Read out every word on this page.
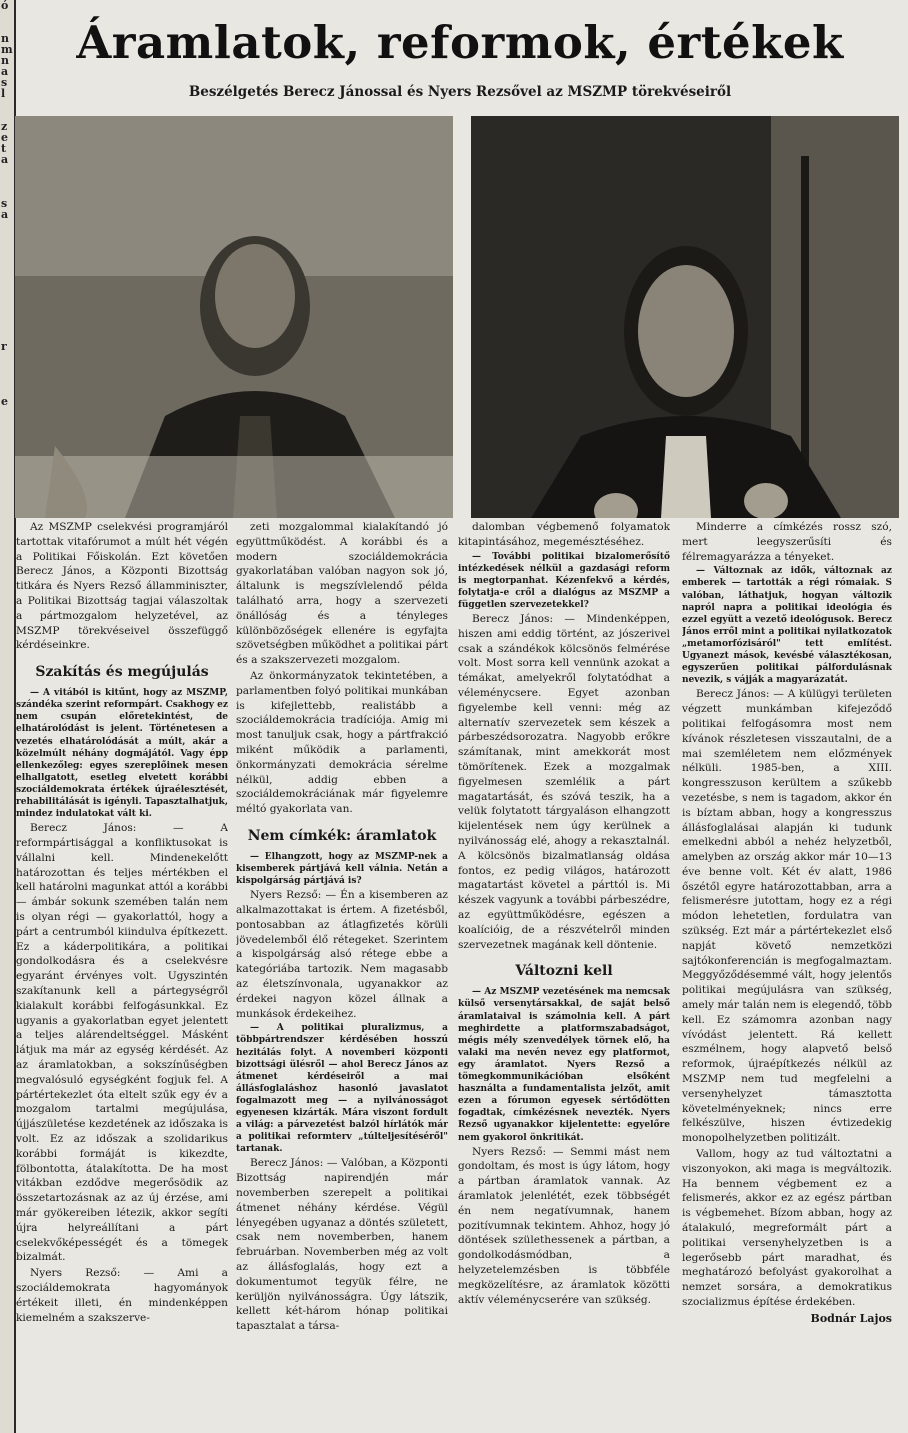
ó

n
m
n
a
s
l

z
e
t
a

s
a

r

e

Áramlatok, reformok, értékek
Beszélgetés Berecz Jánossal és Nyers Rezsővel az MSZMP törekvéseiről

Az MSZMP cselekvési programjáról tartottak vitafórumot a múlt hét végén a Politikai Főiskolán. Ezt követően Berecz János, a Központi Bizottság titkára és Nyers Rezső államminiszter, a Politikai Bizottság tagjai válaszoltak a pártmozgalom helyzetével, az MSZMP törekvéseivel összefüggő kérdéseinkre.

Szakítás és megújulás

— A vitából is kitűnt, hogy az MSZMP, szándéka szerint reformpárt. Csakhogy ez nem csupán előretekintést, de elhatárolódást is jelent. Történetesen a vezetés elhatárolódását a múlt, akár a közelmúlt néhány dogmájától. Vagy épp ellenkezőleg: egyes szereplőinek mesen elhallgatott, esetleg elvetett korábbi szociáldemokrata értékek újraélesztését, rehabilitálását is igényli. Tapasztalhatjuk, mindez indulatokat vált ki.

Berecz János: — A reformpártisággal a konfliktusokat is vállalni kell. Mindenekelőtt határozottan és teljes mértékben el kell határolni magunkat attól a korábbi — ámbár sokunk szemében talán nem is olyan régi — gyakorlattól, hogy a párt a centrumból kiindulva építkezett. Ez a káderpolitikára, a politikai gondolkodásra és a cselekvésre egyaránt érvényes volt. Ugyszintén szakítanunk kell a pártegységről kialakult korábbi felfogásunkkal. Ez ugyanis a gyakorlatban egyet jelentett a teljes alárendeltséggel. Másként látjuk ma már az egység kérdését. Az az áramlatokban, a sokszínűségben megvalósuló egységként fogjuk fel. A pártértekezlet óta eltelt szűk egy év a mozgalom tartalmi megújulása, újjászületése kezdetének az időszaka is volt. Ez az időszak a szolidarikus korábbi formáját is kikezdte, fölbontotta, átalakította. De ha most vitákban ezdődve megerősödik az összetartozásnak az az új érzése, ami már gyökereiben létezik, akkor segíti újra helyreállítani a párt cselekvőképességét és a tömegek bizalmát.

Nyers Rezső: — Ami a szociáldemokrata hagyományok értékeit illeti, én mindenképpen kiemelném a szakszerve-

zeti mozgalommal kialakítandó jó együttműködést. A korábbi és a modern szociáldemokrácia gyakorlatában valóban nagyon sok jó, általunk is megszívlelendő példa található arra, hogy a szervezeti önállóság és a tényleges különbözőségek ellenére is egyfajta szövetségben működhet a politikai párt és a szakszervezeti mozgalom.

Az önkormányzatok tekintetében, a parlamentben folyó politikai munkában is kifejlettebb, realistább a szociáldemokrácia tradíciója. Amig mi most tanuljuk csak, hogy a pártfrakció miként működik a parlamenti, önkormányzati demokrácia sérelme nélkül, addig ebben a szociáldemokráciának már figyelemre méltó gyakorlata van.

Nem címkék: áramlatok

— Elhangzott, hogy az MSZMP-nek a kisemberek pártjává kell válnia. Netán a kispolgárság pártjává is?

Nyers Rezső: — Én a kisemberen az alkalmazottakat is értem. A fizetésből, pontosabban az átlagfizetés körüli jövedelemből élő rétegeket. Szerintem a kispolgárság alsó rétege ebbe a kategóriába tartozik. Nem magasabb az életszínvonala, ugyanakkor az érdekei nagyon közel állnak a munkások érdekeihez.

— A politikai pluralizmus, a többpártrendszer kérdésében hosszú hezitálás folyt. A novemberi központi bizottsági ülésről — ahol Berecz János az átmenet kérdéseiről a mai állásfoglaláshoz hasonló javaslatot fogalmazott meg — a nyilvánosságot egyenesen kizárták. Mára viszont fordult a világ: a párvezetést balzól hírlátók már a politikai reformterv „túlteljesítéséről" tartanak.

Berecz János: — Valóban, a Központi Bizottság napirendjén már novemberben szerepelt a politikai átmenet néhány kérdése. Végül lényegében ugyanaz a döntés született, csak nem novemberben, hanem februárban. Novemberben még az volt az állásfoglalás, hogy ezt a dokumentumot tegyük félre, ne kerüljön nyilvánosságra. Úgy látszik, kellett két-három hónap politikai tapasztalat a társa-

dalomban végbemenő folyamatok kitapintásához, megemésztéséhez.

— További politikai bizalomerősítő intézkedések nélkül a gazdasági reform is megtorpanhat. Kézenfekvő a kérdés, folytatja-e cről a dialógus az MSZMP a független szervezetekkel?

Berecz János: — Mindenképpen, hiszen ami eddig történt, az jószerivel csak a szándékok kölcsönös felmérése volt. Most sorra kell vennünk azokat a témákat, amelyekről folytatódhat a véleménycsere. Egyet azonban figyelembe kell venni: még az alternatív szervezetek sem készek a párbeszédsorozatra. Nagyobb erőkre számítanak, mint amekkorát most tömörítenek. Ezek a mozgalmak figyelmesen szemlélik a párt magatartását, és szóvá teszik, ha a velük folytatott tárgyaláson elhangzott kijelentések nem úgy kerülnek a nyilvánosság elé, ahogy a rekasztalnál. A kölcsönös bizalmatlanság oldása fontos, ez pedig világos, határozott magatartást követel a párttól is. Mi készek vagyunk a további párbeszédre, az együttműködésre, egészen a koalícióig, de a részvételről minden szervezetnek magának kell döntenie.

Változni kell

— Az MSZMP vezetésének ma nemcsak külső versenytársakkal, de saját belső áramlataival is számolnia kell. A párt meghirdette a platformszabadságot, mégis mély szenvedélyek törnek elő, ha valaki ma nevén nevez egy platformot, egy áramlatot. Nyers Rezső a tömegkommunikációban elsőként használta a fundamentalista jelzőt, amit ezen a fórumon egyesek sértődötten fogadtak, címkézésnek nevezték. Nyers Rezső ugyanakkor kijelentette: egyelőre nem gyakorol önkritikát.

Nyers Rezső: — Semmi mást nem gondoltam, és most is úgy látom, hogy a pártban áramlatok vannak. Az áramlatok jelenlétét, ezek többségét én nem negatívumnak, hanem pozitívumnak tekintem. Ahhoz, hogy jó döntések születhessenek a pártban, a gondolkodásmódban, a helyzetelemzésben is többféle megközelítésre, az áramlatok közötti aktív véleménycserére van szükség.

Minderre a címkézés rossz szó, mert leegyszerűsíti és félremagyarázza a tényeket.

— Változnak az idők, változnak az emberek — tartották a régi rómaiak. S valóban, láthatjuk, hogyan változik napról napra a politikai ideológia és ezzel együtt a vezető ideológusok. Berecz János erről mint a politikai nyilatkozatok „metamorfózisáról" tett említést. Ugyanezt mások, kevésbé választékosan, egyszerűen politikai pálfordulásnak nevezik, s vájják a magyarázatát.

Berecz János: — A külügyi területen végzett munkámban kifejeződő politikai felfogásomra most nem kívánok részletesen visszautalni, de a mai szemléletem nem előzmények nélküli. 1985-ben, a XIII. kongresszuson kerültem a szűkebb vezetésbe, s nem is tagadom, akkor én is bíztam abban, hogy a kongresszus állásfoglalásai alapján ki tudunk emelkedni abból a nehéz helyzetből, amelyben az ország akkor már 10—13 éve benne volt. Két év alatt, 1986 őszétől egyre határozottabban, arra a felismerésre jutottam, hogy ez a régi módon lehetetlen, fordulatra van szükség. Ezt már a pártértekezlet első napját követő nemzetközi sajtókonferencián is megfogalmaztam. Meggyőződésemmé vált, hogy jelentős politikai megújulásra van szükség, amely már talán nem is elegendő, több kell. Ez számomra azonban nagy vívódást jelentett. Rá kellett eszmélnem, hogy alapvető belső reformok, újraépítkezés nélkül az MSZMP nem tud megfelelni a versenyhelyzet támasztotta követelményeknek; nincs erre felkészülve, hiszen évtizedekig monopolhelyzetben politizált.

Vallom, hogy az tud változtatni a viszonyokon, aki maga is megváltozik. Ha bennem végbement ez a felismerés, akkor ez az egész pártban is végbemehet. Bízom abban, hogy az átalakuló, megreformált párt a politikai versenyhelyzetben is a legerősebb párt maradhat, és meghatározó befolyást gyakorolhat a nemzet sorsára, a demokratikus szocializmus építése érdekében.

Bodnár Lajos
